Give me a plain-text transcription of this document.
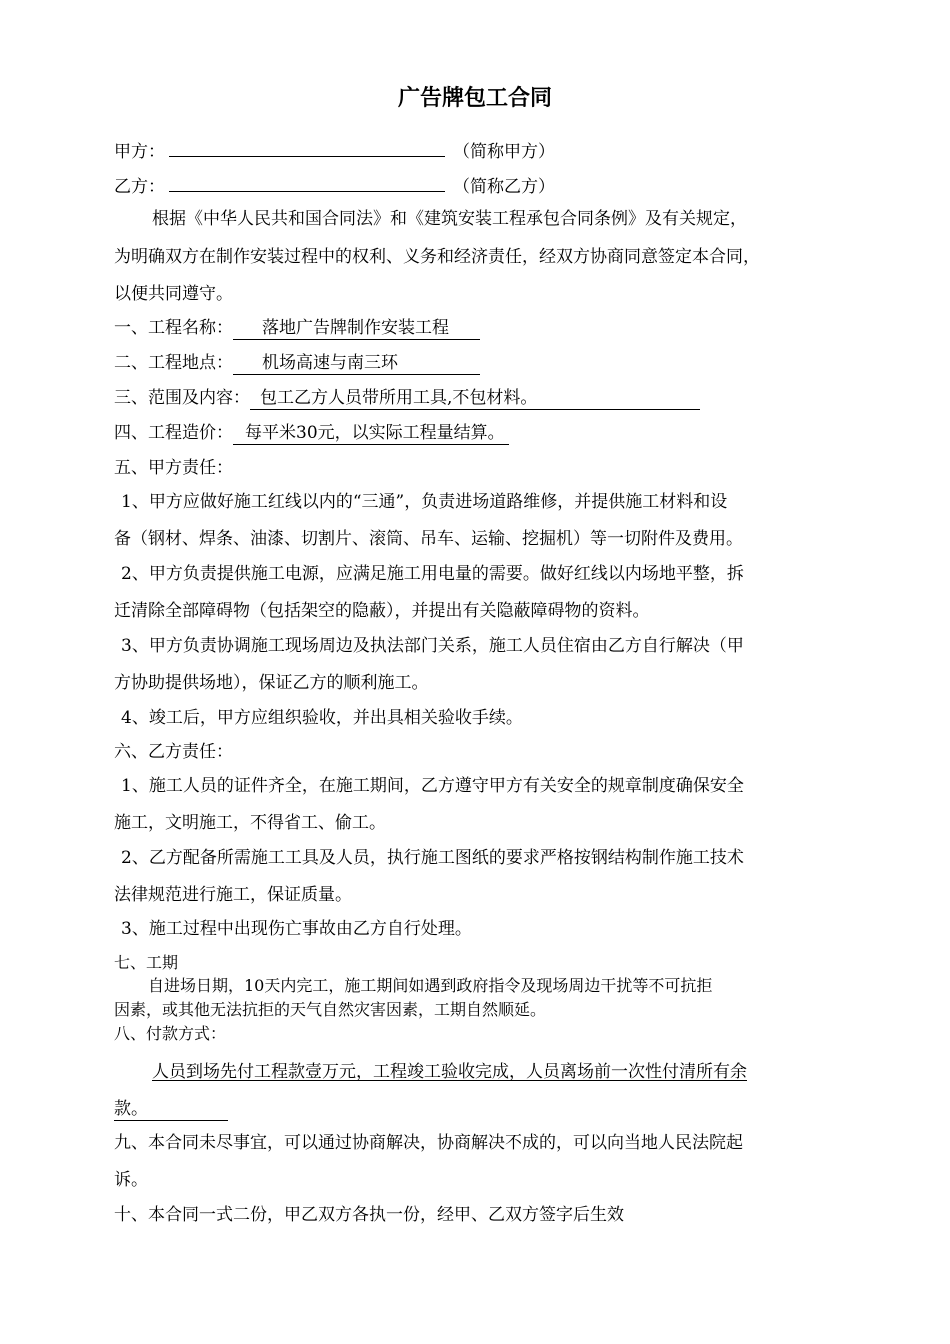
广告牌包工合同
甲方：	（简称甲方）
乙方：	（简称乙方）
根据《中华人民共和国合同法》和《建筑安装工程承包合同条例》及有关规定，
为明确双方在制作安装过程中的权利、义务和经济责任，经双方协商同意签定本合同，
以便共同遵守。
一、工程名称： 落地广告牌制作安装工程
二、工程地点： 机场高速与南三环
三、范围及内容： 包工乙方人员带所用工具,不包材料。
四、工程造价： 每平米30元，以实际工程量结算。
五、甲方责任：
1、甲方应做好施工红线以内的“三通”，负责进场道路维修，并提供施工材料和设
备（钢材、焊条、油漆、切割片、滚筒、吊车、运输、挖掘机）等一切附件及费用。
2、甲方负责提供施工电源，应满足施工用电量的需要。做好红线以内场地平整，拆
迁清除全部障碍物（包括架空的隐蔽），并提出有关隐蔽障碍物的资料。
3、甲方负责协调施工现场周边及执法部门关系，施工人员住宿由乙方自行解决（甲
方协助提供场地），保证乙方的顺利施工。
4、竣工后，甲方应组织验收，并出具相关验收手续。
六、乙方责任：
1、施工人员的证件齐全，在施工期间，乙方遵守甲方有关安全的规章制度确保安全
施工，文明施工，不得省工、偷工。
2、乙方配备所需施工工具及人员，执行施工图纸的要求严格按钢结构制作施工技术
法律规范进行施工，保证质量。
3、施工过程中出现伤亡事故由乙方自行处理。
七、工期
自进场日期，10天内完工，施工期间如遇到政府指令及现场周边干扰等不可抗拒
因素，或其他无法抗拒的天气自然灾害因素，工期自然顺延。
八、付款方式：
人员到场先付工程款壹万元，工程竣工验收完成，人员离场前一次性付清所有余
款。
九、本合同未尽事宜，可以通过协商解决，协商解决不成的，可以向当地人民法院起
诉。
十、本合同一式二份，甲乙双方各执一份，经甲、乙双方签字后生效
